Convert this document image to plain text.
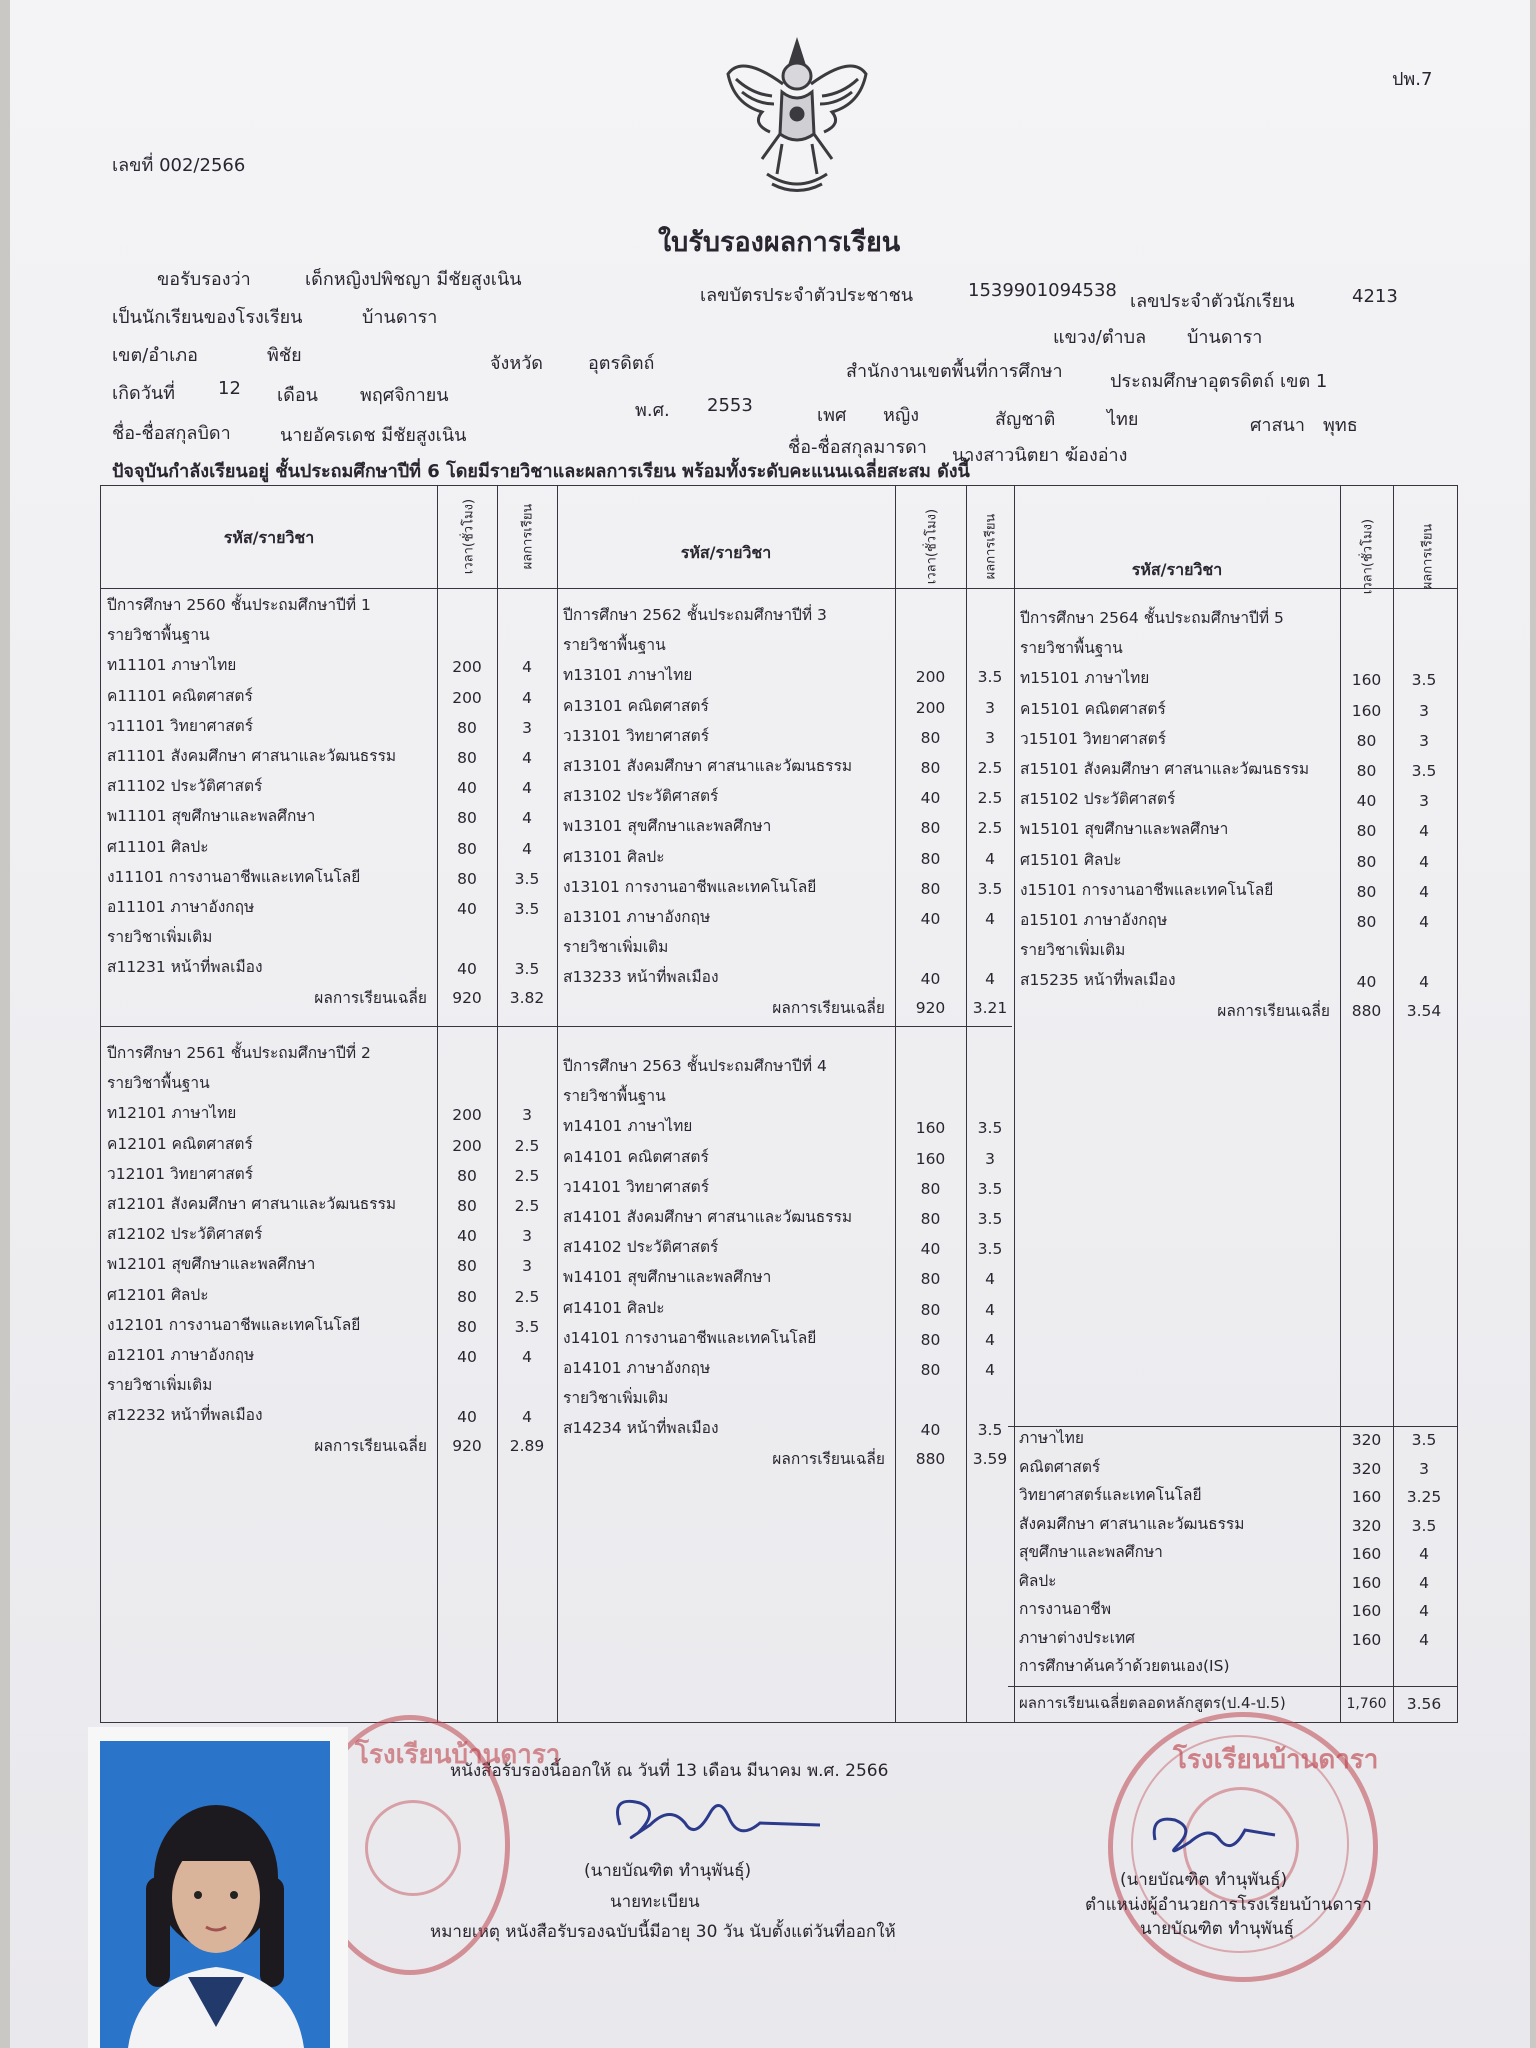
ปพ.7
เลขที่ 002/2566
ใบรับรองผลการเรียน
ขอรับรองว่า	เด็กหญิงปพิชญา มีชัยสูงเนิน
เลขบัตรประจำตัวประชาชน	1539901094538
เลขประจำตัวนักเรียน	4213
เป็นนักเรียนของโรงเรียน	บ้านดารา
แขวง/ตำบล บ้านดารา
เขต/อำเภอ	พิชัย	จังหวัด	อุตรดิตถ์	สำนักงานเขตพื้นที่การศึกษา	ประถมศึกษาอุตรดิตถ์ เขต 1
เกิดวันที่ 12 เดือน พฤศจิกายน
พ.ศ. 2553	เพศ หญิง	สัญชาติ	ไทย	ศาสนา พุทธ
ชื่อ-ชื่อสกุลบิดา	นายอัครเดช มีชัยสูงเนิน
ชื่อ-ชื่อสกุลมารดา นางสาวนิตยา ฆ้องอ่าง
ปัจจุบันกำลังเรียนอยู่ ชั้นประถมศึกษาปีที่ 6 โดยมีรายวิชาและผลการเรียน พร้อมทั้งระดับคะแนนเฉลี่ยสะสม ดังนี้
รหัส/รายวิชา	เวลา(ชั่วโมง)	ผลการเรียน	รหัส/รายวิชา	เวลา(ชั่วโมง)	ผลการเรียน	รหัส/รายวิชา	เวลา(ชั่วโมง)	ผลการเรียน
ปีการศึกษา 2560 ชั้นประถมศึกษาปีที่ 1
รายวิชาพื้นฐาน
ท11101 ภาษาไทย	200	4
ค11101 คณิตศาสตร์	200	4
ว11101 วิทยาศาสตร์	80	3
ส11101 สังคมศึกษา ศาสนาและวัฒนธรรม	80	4
ส11102 ประวัติศาสตร์	40	4
พ11101 สุขศึกษาและพลศึกษา	80	4
ศ11101 ศิลปะ	80	4
ง11101 การงานอาชีพและเทคโนโลยี	80	3.5
อ11101 ภาษาอังกฤษ	40	3.5
รายวิชาเพิ่มเติม
ส11231 หน้าที่พลเมือง	40	3.5
ผลการเรียนเฉลี่ย	920	3.82
ปีการศึกษา 2561 ชั้นประถมศึกษาปีที่ 2
รายวิชาพื้นฐาน
ท12101 ภาษาไทย	200	3
ค12101 คณิตศาสตร์	200	2.5
ว12101 วิทยาศาสตร์	80	2.5
ส12101 สังคมศึกษา ศาสนาและวัฒนธรรม	80	2.5
ส12102 ประวัติศาสตร์	40	3
พ12101 สุขศึกษาและพลศึกษา	80	3
ศ12101 ศิลปะ	80	2.5
ง12101 การงานอาชีพและเทคโนโลยี	80	3.5
อ12101 ภาษาอังกฤษ	40	4
รายวิชาเพิ่มเติม
ส12232 หน้าที่พลเมือง	40	4
ผลการเรียนเฉลี่ย	920	2.89
ปีการศึกษา 2562 ชั้นประถมศึกษาปีที่ 3
รายวิชาพื้นฐาน
ท13101 ภาษาไทย	200	3.5
ค13101 คณิตศาสตร์	200	3
ว13101 วิทยาศาสตร์	80	3
ส13101 สังคมศึกษา ศาสนาและวัฒนธรรม	80	2.5
ส13102 ประวัติศาสตร์	40	2.5
พ13101 สุขศึกษาและพลศึกษา	80	2.5
ศ13101 ศิลปะ	80	4
ง13101 การงานอาชีพและเทคโนโลยี	80	3.5
อ13101 ภาษาอังกฤษ	40	4
รายวิชาเพิ่มเติม
ส13233 หน้าที่พลเมือง	40	4
ผลการเรียนเฉลี่ย	920	3.21
ปีการศึกษา 2563 ชั้นประถมศึกษาปีที่ 4
รายวิชาพื้นฐาน
ท14101 ภาษาไทย	160	3.5
ค14101 คณิตศาสตร์	160	3
ว14101 วิทยาศาสตร์	80	3.5
ส14101 สังคมศึกษา ศาสนาและวัฒนธรรม	80	3.5
ส14102 ประวัติศาสตร์	40	3.5
พ14101 สุขศึกษาและพลศึกษา	80	4
ศ14101 ศิลปะ	80	4
ง14101 การงานอาชีพและเทคโนโลยี	80	4
อ14101 ภาษาอังกฤษ	80	4
รายวิชาเพิ่มเติม
ส14234 หน้าที่พลเมือง	40	3.5
ผลการเรียนเฉลี่ย	880	3.59
ปีการศึกษา 2564 ชั้นประถมศึกษาปีที่ 5
รายวิชาพื้นฐาน
ท15101 ภาษาไทย	160	3.5
ค15101 คณิตศาสตร์	160	3
ว15101 วิทยาศาสตร์	80	3
ส15101 สังคมศึกษา ศาสนาและวัฒนธรรม	80	3.5
ส15102 ประวัติศาสตร์	40	3
พ15101 สุขศึกษาและพลศึกษา	80	4
ศ15101 ศิลปะ	80	4
ง15101 การงานอาชีพและเทคโนโลยี	80	4
อ15101 ภาษาอังกฤษ	80	4
รายวิชาเพิ่มเติม
ส15235 หน้าที่พลเมือง	40	4
ผลการเรียนเฉลี่ย	880	3.54
ภาษาไทย	320	3.5
คณิตศาสตร์	320	3
วิทยาศาสตร์และเทคโนโลยี	160	3.25
สังคมศึกษา ศาสนาและวัฒนธรรม	320	3.5
สุขศึกษาและพลศึกษา	160	4
ศิลปะ	160	4
การงานอาชีพ	160	4
ภาษาต่างประเทศ	160	4
การศึกษาค้นคว้าด้วยตนเอง(IS)
ผลการเรียนเฉลี่ยตลอดหลักสูตร(ป.4-ป.5)	1,760	3.56
หนังสือรับรองนี้ออกให้ ณ วันที่ 13 เดือน มีนาคม พ.ศ. 2566
(นายบัณฑิต ทำนุพันธุ์)
นายทะเบียน
หมายเหตุ หนังสือรับรองฉบับนี้มีอายุ 30 วัน นับตั้งแต่วันที่ออกให้
โรงเรียนบ้านดารา	โรงเรียนบ้านดารา
(นายบัณฑิต ทำนุพันธุ์)
ตำแหน่งผู้อำนวยการโรงเรียนบ้านดารา
นายบัณฑิต ทำนุพันธุ์
